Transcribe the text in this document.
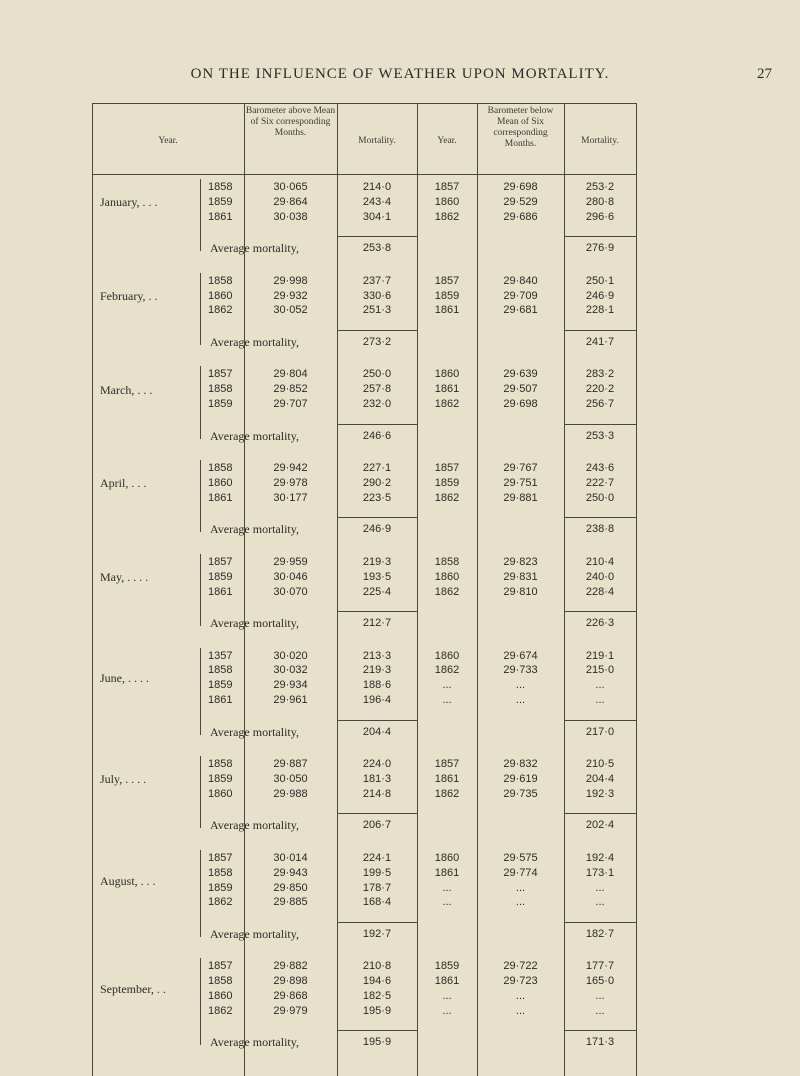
ON THE INFLUENCE OF WEATHER UPON MORTALITY.	27
Year.
Barometer above Mean of Six corresponding Months.
Mortality.	Year.
Barometer below Mean of Six corresponding Months.	Mortality.
January, . . .
1858	30·065	214·0	1857	29·698	253·2
1859	29·864	243·4	1860	29·529	280·8
1861	30·038	304·1	1862	29·686	296·6
Average mortality,	253·8	276·9
February, . .
1858	29·998	237·7	1857	29·840	250·1
1860	29·932	330·6	1859	29·709	246·9
1862	30·052	251·3	1861	29·681	228·1
Average mortality,	273·2	241·7
March, . . .
1857	29·804	250·0	1860	29·639	283·2
1858	29·852	257·8	1861	29·507	220·2
1859	29·707	232·0	1862	29·698	256·7
Average mortality,	246·6	253·3
April, . . .
1858	29·942	227·1	1857	29·767	243·6
1860	29·978	290·2	1859	29·751	222·7
1861	30·177	223·5	1862	29·881	250·0
Average mortality,	246·9	238·8
May, . . . .
1857	29·959	219·3	1858	29·823	210·4
1859	30·046	193·5	1860	29·831	240·0
1861	30·070	225·4	1862	29·810	228·4
Average mortality,	212·7	226·3
June, . . . .
1357	30·020	213·3	1860	29·674	219·1
1858	30·032	219·3	1862	29·733	215·0
1859	29·934	188·6	...	...	...
1861	29·961	196·4	...	...	...
Average mortality,	204·4	217·0
July, . . . .
1858	29·887	224·0	1857	29·832	210·5
1859	30·050	181·3	1861	29·619	204·4
1860	29·988	214·8	1862	29·735	192·3
Average mortality,	206·7	202·4
August, . . .
1857	30·014	224·1	1860	29·575	192·4
1858	29·943	199·5	1861	29·774	173·1
1859	29·850	178·7	...	...	...
1862	29·885	168·4	...	...	...
Average mortality,	192·7	182·7
September, . .
1857	29·882	210·8	1859	29·722	177·7
1858	29·898	194·6	1861	29·723	165·0
1860	29·868	182·5	...	...	...
1862	29·979	195·9	...	...	...
Average mortality,	195·9	171·3
